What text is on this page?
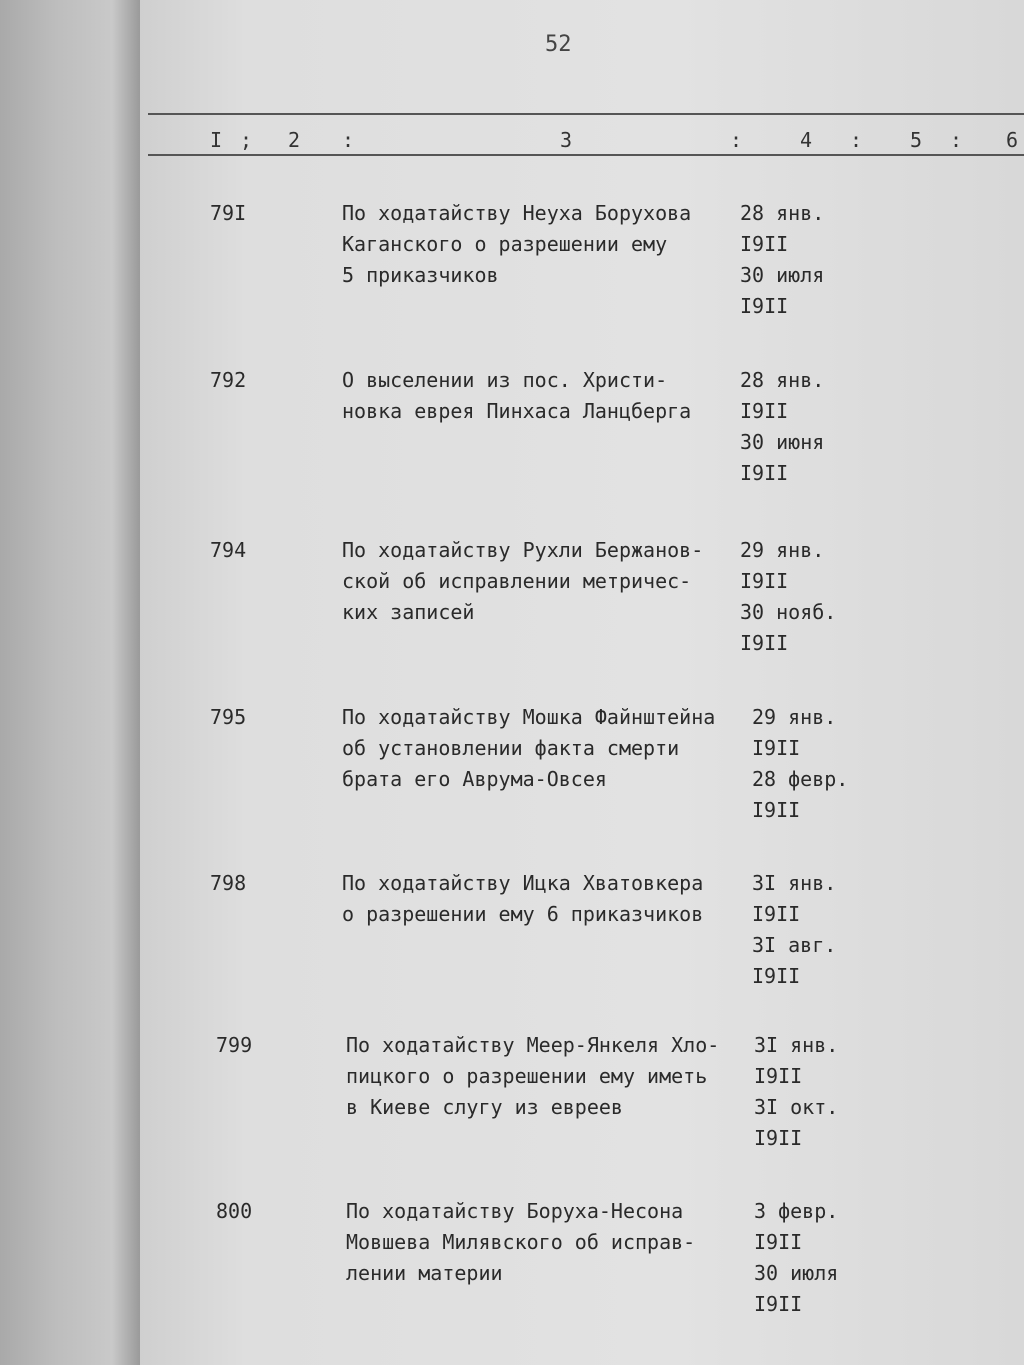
52
I ; 2 :	3	:	4 : 5 : 6
79I	По ходатайству Неуха Борухова
Каганского о разрешении ему
5 приказчиков
28 янв.
I9II
30 июля
I9II
792	О выселении из пос. Христи-
новка еврея Пинхаса Ланцберга
28 янв.
I9II
30 июня
I9II
794	По ходатайству Рухли Бержанов-
ской об исправлении метричес-
ких записей
29 янв.
I9II
30 нояб.
I9II
795	По ходатайству Мошка Файнштейна
об установлении факта смерти
брата его Аврума-Овсея
29 янв.
I9II
28 февр.
I9II
798	По ходатайству Ицка Хватовкера
о разрешении ему 6 приказчиков
3I янв.
I9II
3I авг.
I9II
799	По ходатайству Меер-Янкеля Хло-
пицкого о разрешении ему иметь
в Киеве слугу из евреев
3I янв.
I9II
3I окт.
I9II
800	По ходатайству Боруха-Несона
Мовшева Милявского об исправ-
лении материи
3 февр.
I9II
30 июля
I9II
